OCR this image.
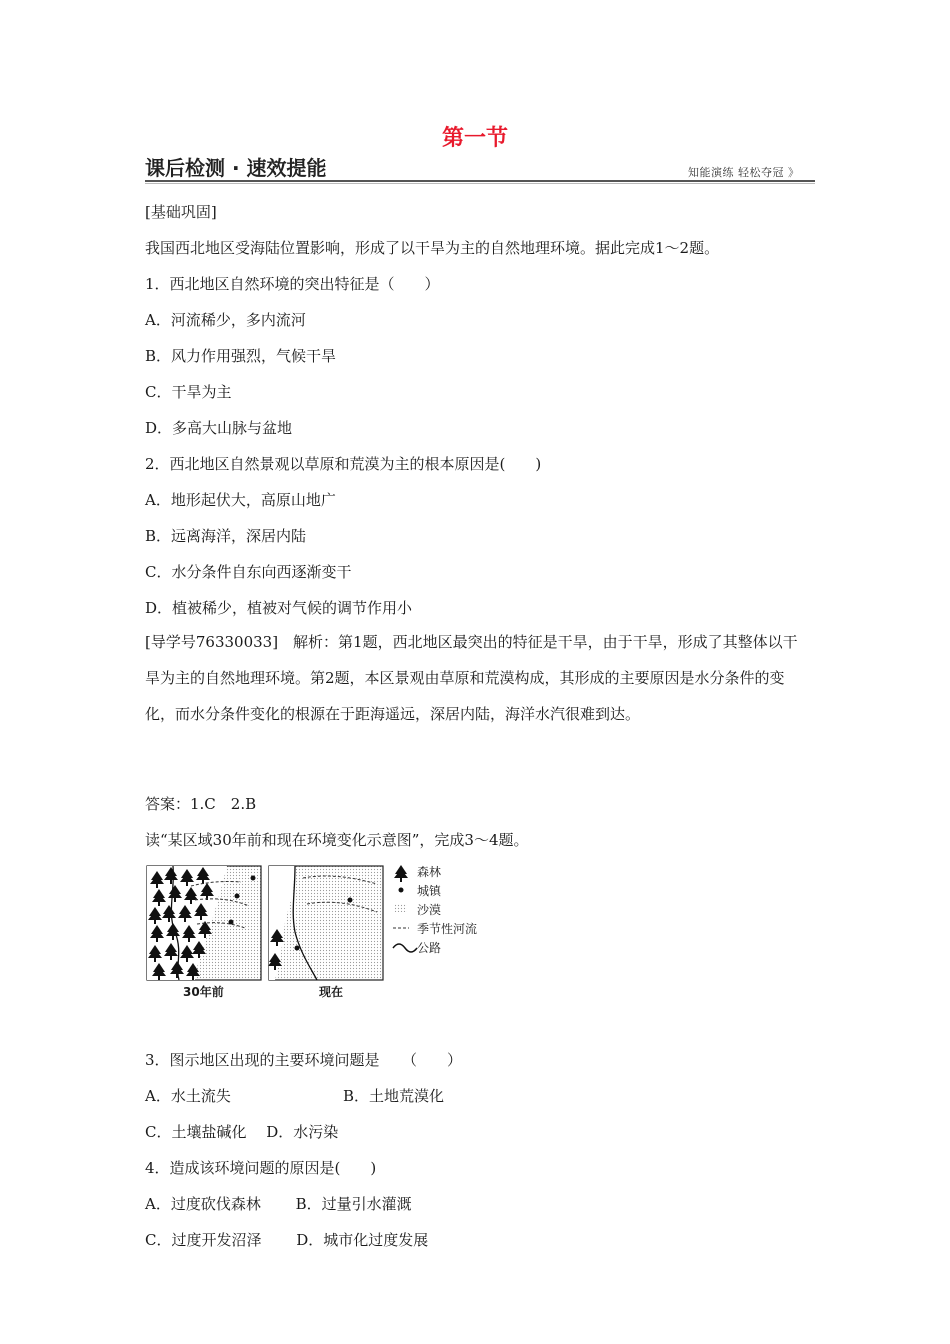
第一节
课后检测 · 速效提能	知能演练 轻松夺冠 》
[基础巩固]
我国西北地区受海陆位置影响，形成了以干旱为主的自然地理环境。据此完成1～2题。
1．西北地区自然环境的突出特征是（　　）
A．河流稀少，多内流河
B．风力作用强烈，气候干旱
C．干旱为主
D．多高大山脉与盆地
2．西北地区自然景观以草原和荒漠为主的根本原因是(　　)
A．地形起伏大，高原山地广
B．远离海洋，深居内陆
C．水分条件自东向西逐渐变干
D．植被稀少，植被对气候的调节作用小
[导学号76330033]　解析：第1题，西北地区最突出的特征是干旱，由于干旱，形成了其整体以干旱为主的自然地理环境。第2题，本区景观由草原和荒漠构成，其形成的主要原因是水分条件的变化，而水分条件变化的根源在于距海遥远，深居内陆，海洋水汽很难到达。
答案：1.C　2.B
读“某区域30年前和现在环境变化示意图”，完成3～4题。
森林
城镇
沙漠
季节性河流
公路
30年前	现在
3．图示地区出现的主要环境问题是　　（　　）
A．水土流失	B．土地荒漠化
C．土壤盐碱化　 D．水污染
4．造成该环境问题的原因是(　　)
A．过度砍伐森林　　 B．过量引水灌溉
C．过度开发沼泽　　 D．城市化过度发展
